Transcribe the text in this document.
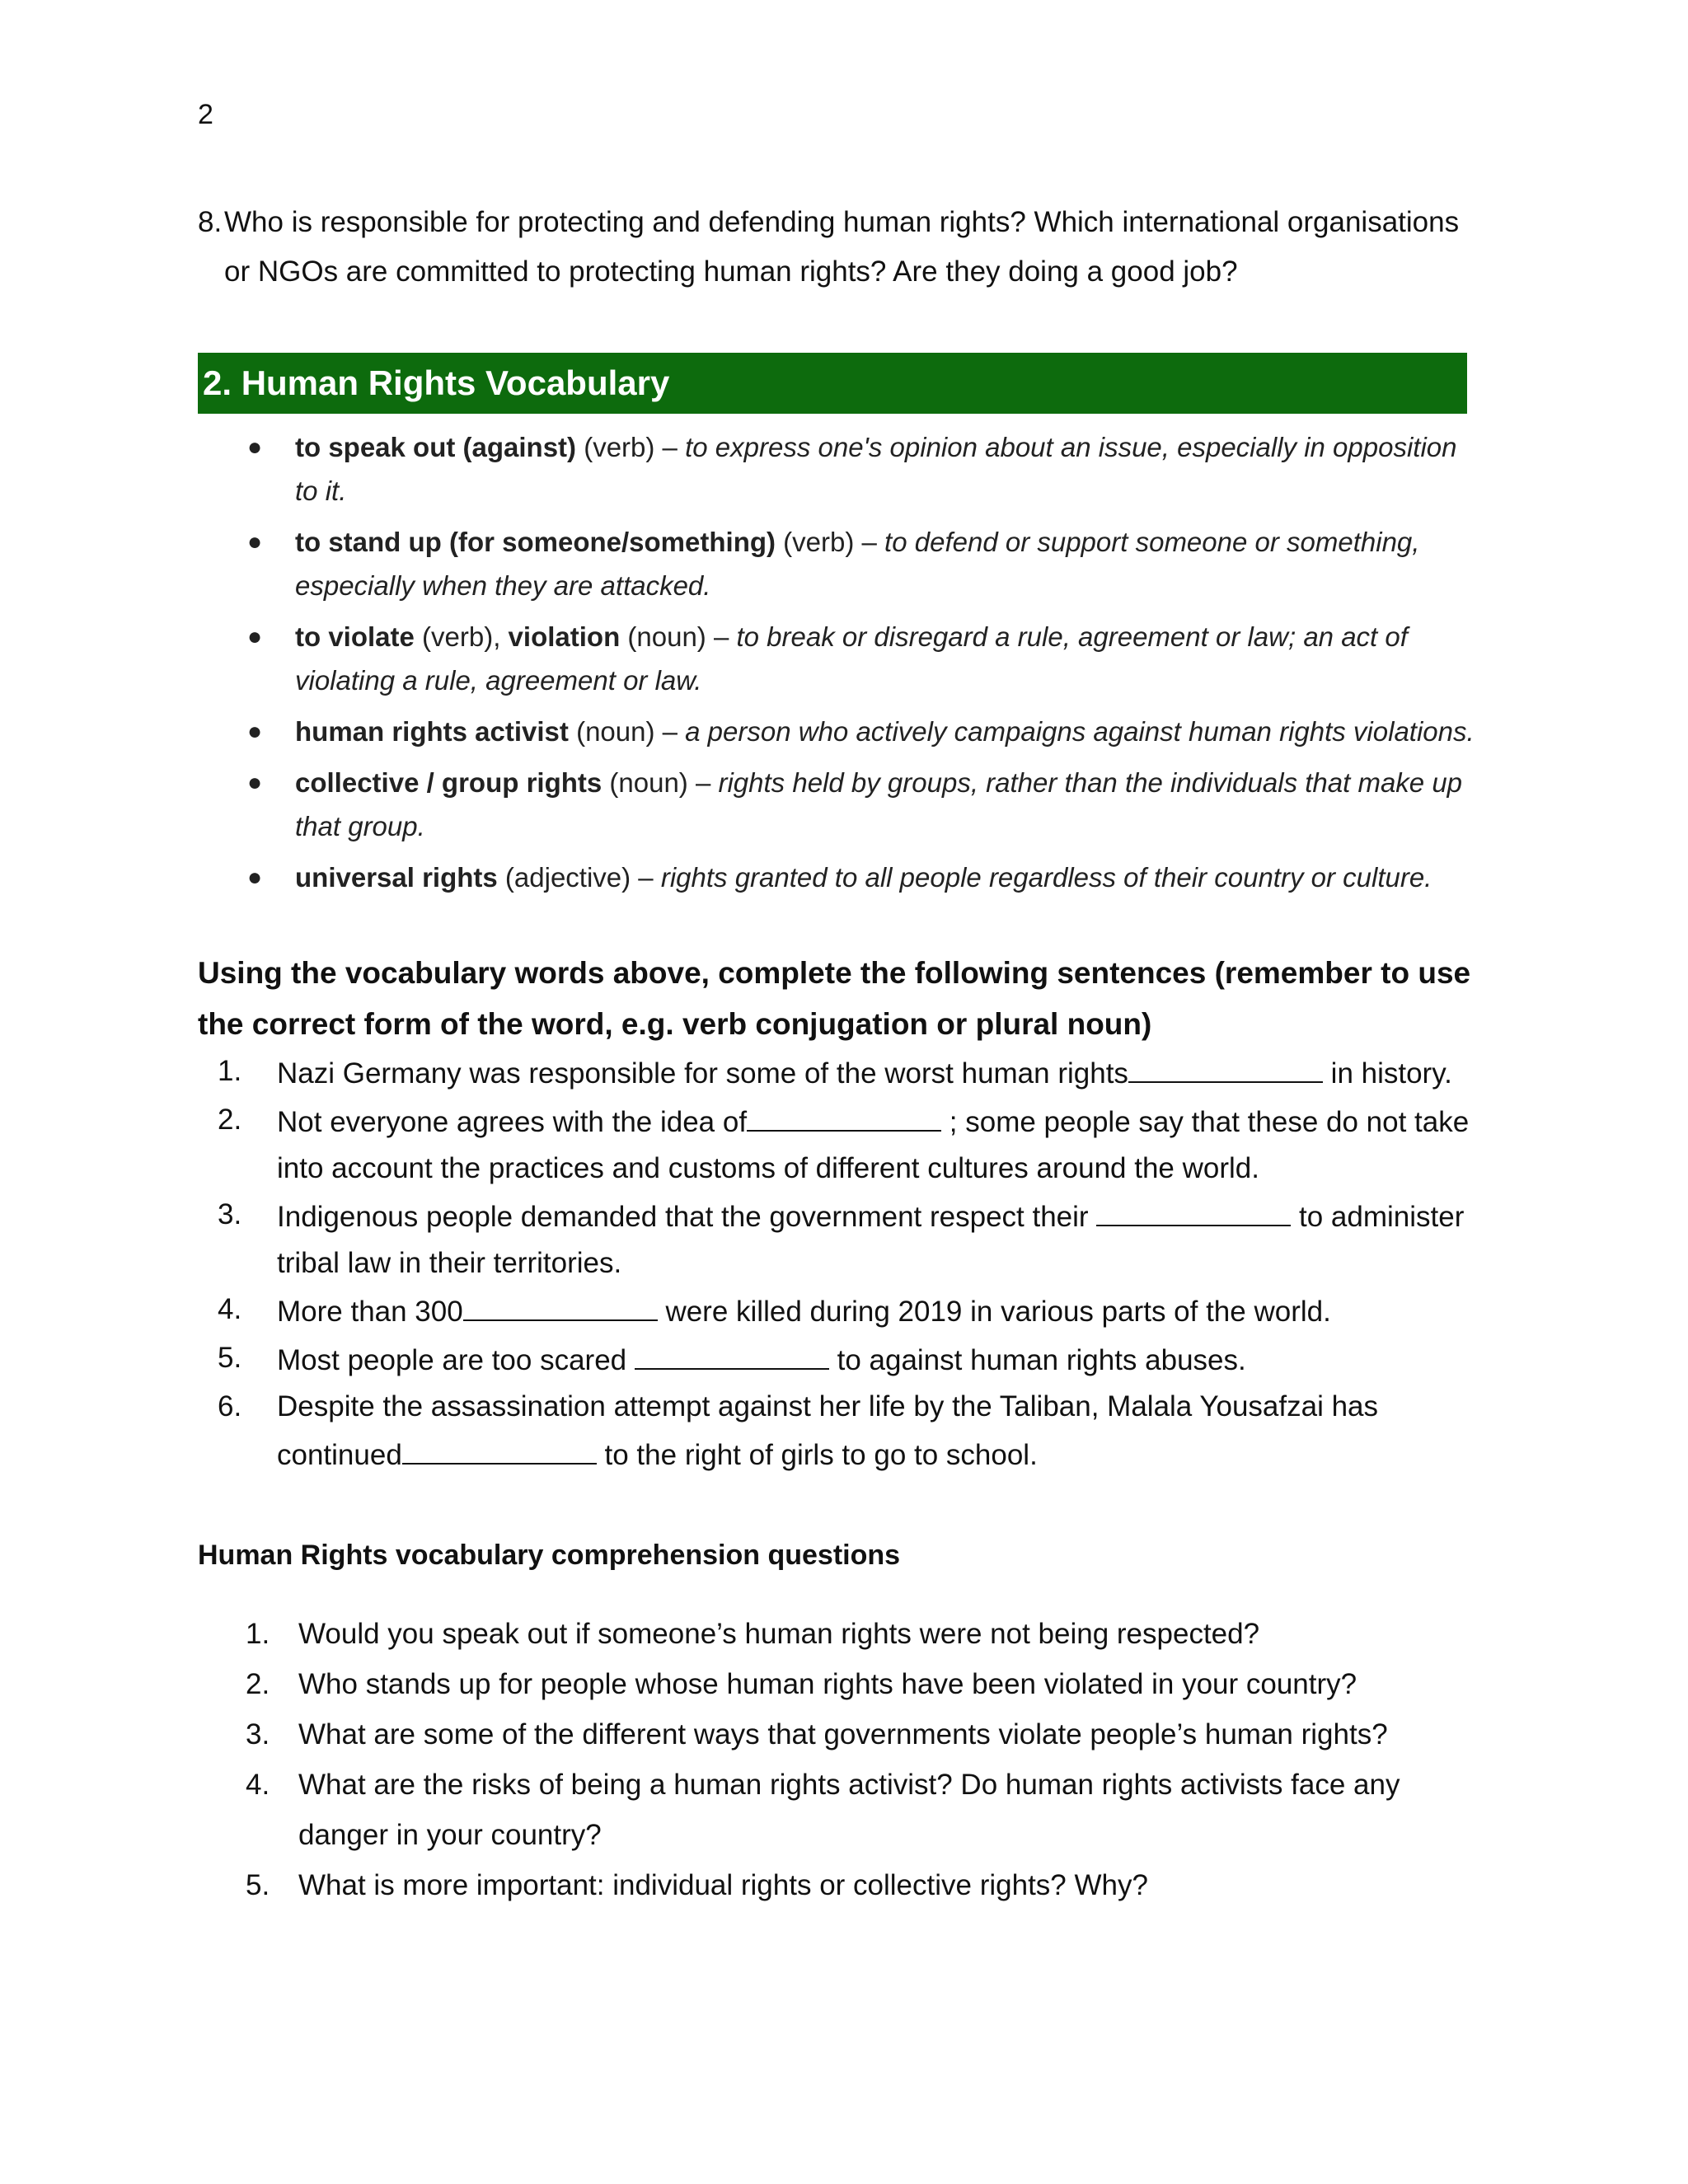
2
8.Who is responsible for protecting and defending human rights? Which international organisations
or NGOs are committed to protecting human rights? Are they doing a good job?
2. Human Rights Vocabulary
● to speak out (against) (verb) – to express one's opinion about an issue, especially in opposition to it.
● to stand up (for someone/something) (verb) – to defend or support someone or something, especially when they are attacked.
● to violate (verb), violation (noun) – to break or disregard a rule, agreement or law; an act of violating a rule, agreement or law.
● human rights activist (noun) – a person who actively campaigns against human rights violations.
● collective / group rights (noun) – rights held by groups, rather than the individuals that make up that group.
● universal rights (adjective) – rights granted to all people regardless of their country or culture.
Using the vocabulary words above, complete the following sentences (remember to use the correct form of the word, e.g. verb conjugation or plural noun)
1. Nazi Germany was responsible for some of the worst human rights	in history.
2. Not everyone agrees with the idea of	; some people say that these do not take into account the practices and customs of different cultures around the world.
3. Indigenous people demanded that the government respect their	to administer tribal law in their territories.
4. More than 300	were killed during 2019 in various parts of the world.
5. Most people are too scared	to against human rights abuses.
6. Despite the assassination attempt against her life by the Taliban, Malala Yousafzai has continued	to the right of girls to go to school.
Human Rights vocabulary comprehension questions
1. Would you speak out if someone’s human rights were not being respected?
2. Who stands up for people whose human rights have been violated in your country?
3. What are some of the different ways that governments violate people’s human rights?
4. What are the risks of being a human rights activist? Do human rights activists face any danger in your country?
5. What is more important: individual rights or collective rights? Why?
